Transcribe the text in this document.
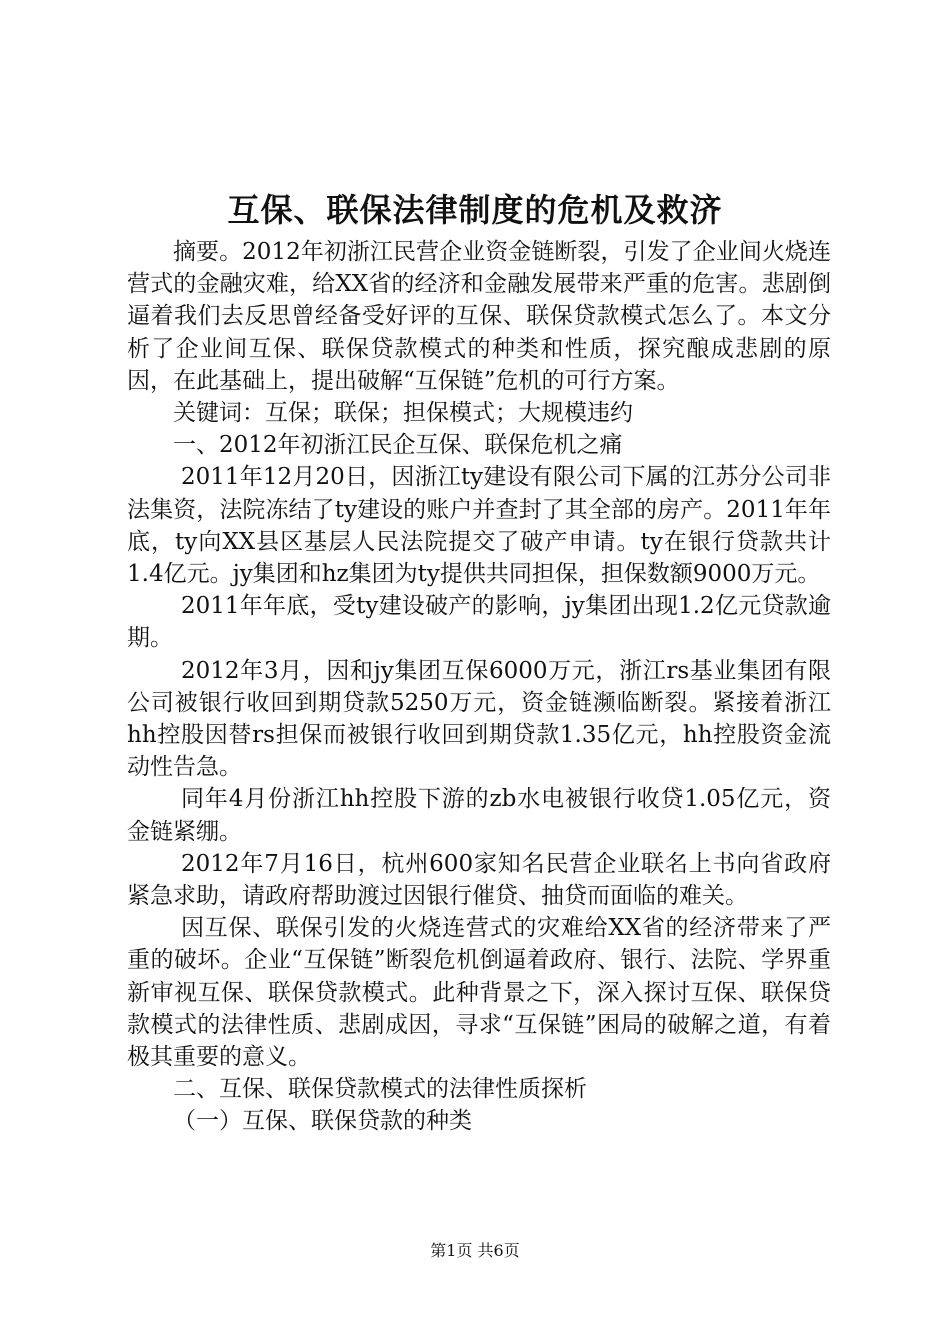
互保、联保法律制度的危机及救济

摘要。2012年初浙江民营企业资金链断裂，引发了企业间火烧连营式的金融灾难，给XX省的经济和金融发展带来严重的危害。悲剧倒逼着我们去反思曾经备受好评的互保、联保贷款模式怎么了。本文分析了企业间互保、联保贷款模式的种类和性质，探究酿成悲剧的原因，在此基础上，提出破解“互保链”危机的可行方案。

关键词：互保；联保；担保模式；大规模违约

一、2012年初浙江民企互保、联保危机之痛

2011年12月20日，因浙江ty建设有限公司下属的江苏分公司非法集资，法院冻结了ty建设的账户并查封了其全部的房产。2011年年底，ty向XX县区基层人民法院提交了破产申请。ty在银行贷款共计1.4亿元。jy集团和hz集团为ty提供共同担保，担保数额9000万元。

2011年年底，受ty建设破产的影响，jy集团出现1.2亿元贷款逾期。

2012年3月，因和jy集团互保6000万元，浙江rs基业集团有限公司被银行收回到期贷款5250万元，资金链濒临断裂。紧接着浙江hh控股因替rs担保而被银行收回到期贷款1.35亿元，hh控股资金流动性告急。

同年4月份浙江hh控股下游的zb水电被银行收贷1.05亿元，资金链紧绷。

2012年7月16日，杭州600家知名民营企业联名上书向省政府紧急求助，请政府帮助渡过因银行催贷、抽贷而面临的难关。

因互保、联保引发的火烧连营式的灾难给XX省的经济带来了严重的破坏。企业“互保链”断裂危机倒逼着政府、银行、法院、学界重新审视互保、联保贷款模式。此种背景之下，深入探讨互保、联保贷款模式的法律性质、悲剧成因，寻求“互保链”困局的破解之道，有着极其重要的意义。

二、互保、联保贷款模式的法律性质探析

（一）互保、联保贷款的种类

第1页 共6页
